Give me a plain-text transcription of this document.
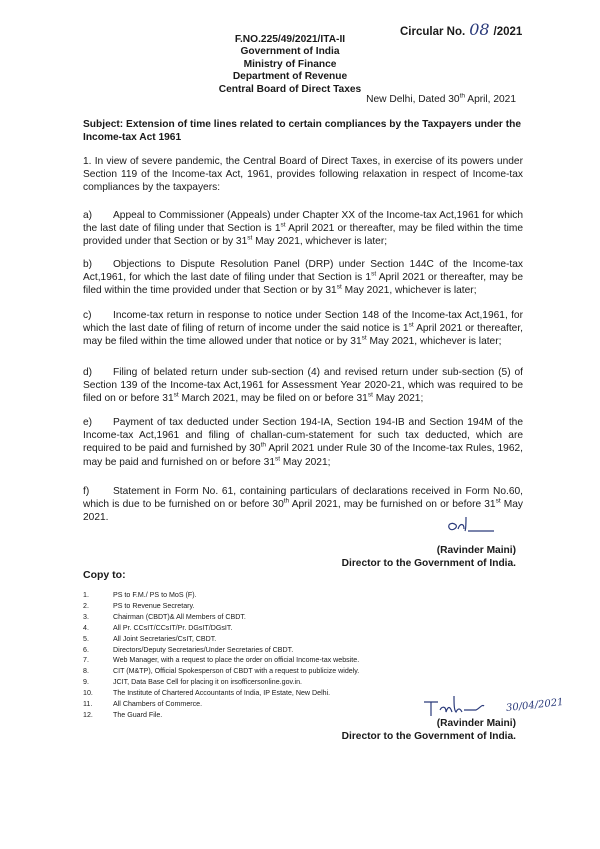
Circular No. 08 /2021
F.NO.225/49/2021/ITA-II
Government of India
Ministry of Finance
Department of Revenue
Central Board of Direct Taxes
New Delhi, Dated 30th April, 2021
Subject: Extension of time lines related to certain compliances by the Taxpayers under the Income-tax Act 1961
1. In view of severe pandemic, the Central Board of Direct Taxes, in exercise of its powers under Section 119 of the Income-tax Act, 1961, provides following relaxation in respect of Income-tax compliances by the taxpayers:
a) Appeal to Commissioner (Appeals) under Chapter XX of the Income-tax Act,1961 for which the last date of filing under that Section is 1st April 2021 or thereafter, may be filed within the time provided under that Section or by 31st May 2021, whichever is later;
b) Objections to Dispute Resolution Panel (DRP) under Section 144C of the Income-tax Act,1961, for which the last date of filing under that Section is 1st April 2021 or thereafter, may be filed within the time provided under that Section or by 31st May 2021, whichever is later;
c) Income-tax return in response to notice under Section 148 of the Income-tax Act,1961, for which the last date of filing of return of income under the said notice is 1st April 2021 or thereafter, may be filed within the time allowed under that notice or by 31st May 2021, whichever is later;
d) Filing of belated return under sub-section (4) and revised return under sub-section (5) of Section 139 of the Income-tax Act,1961 for Assessment Year 2020-21, which was required to be filed on or before 31st March 2021, may be filed on or before 31st May 2021;
e) Payment of tax deducted under Section 194-IA, Section 194-IB and Section 194M of the Income-tax Act,1961 and filing of challan-cum-statement for such tax deducted, which are required to be paid and furnished by 30th April 2021 under Rule 30 of the Income-tax Rules, 1962, may be paid and furnished on or before 31st May 2021;
f) Statement in Form No. 61, containing particulars of declarations received in Form No.60, which is due to be furnished on or before 30th April 2021, may be furnished on or before 31st May 2021.
(Ravinder Maini)
Director to the Government of India.
Copy to:
1.	PS to F.M./ PS to MoS (F).
2.	PS to Revenue Secretary.
3.	Chairman (CBDT)& All Members of CBDT.
4.	All Pr. CCsIT/CCsIT/Pr. DGsIT/DGsIT.
5.	All Joint Secretaries/CsIT, CBDT.
6.	Directors/Deputy Secretaries/Under Secretaries of CBDT.
7.	Web Manager, with a request to place the order on official Income-tax website.
8.	CIT (M&TP), Official Spokesperson of CBDT with a request to publicize widely.
9.	JCIT, Data Base Cell for placing it on irsofficersonline.gov.in.
10.	The Institute of Chartered Accountants of India, IP Estate, New Delhi.
11.	All Chambers of Commerce.
12.	The Guard File.
30/04/2021
(Ravinder Maini)
Director to the Government of India.
